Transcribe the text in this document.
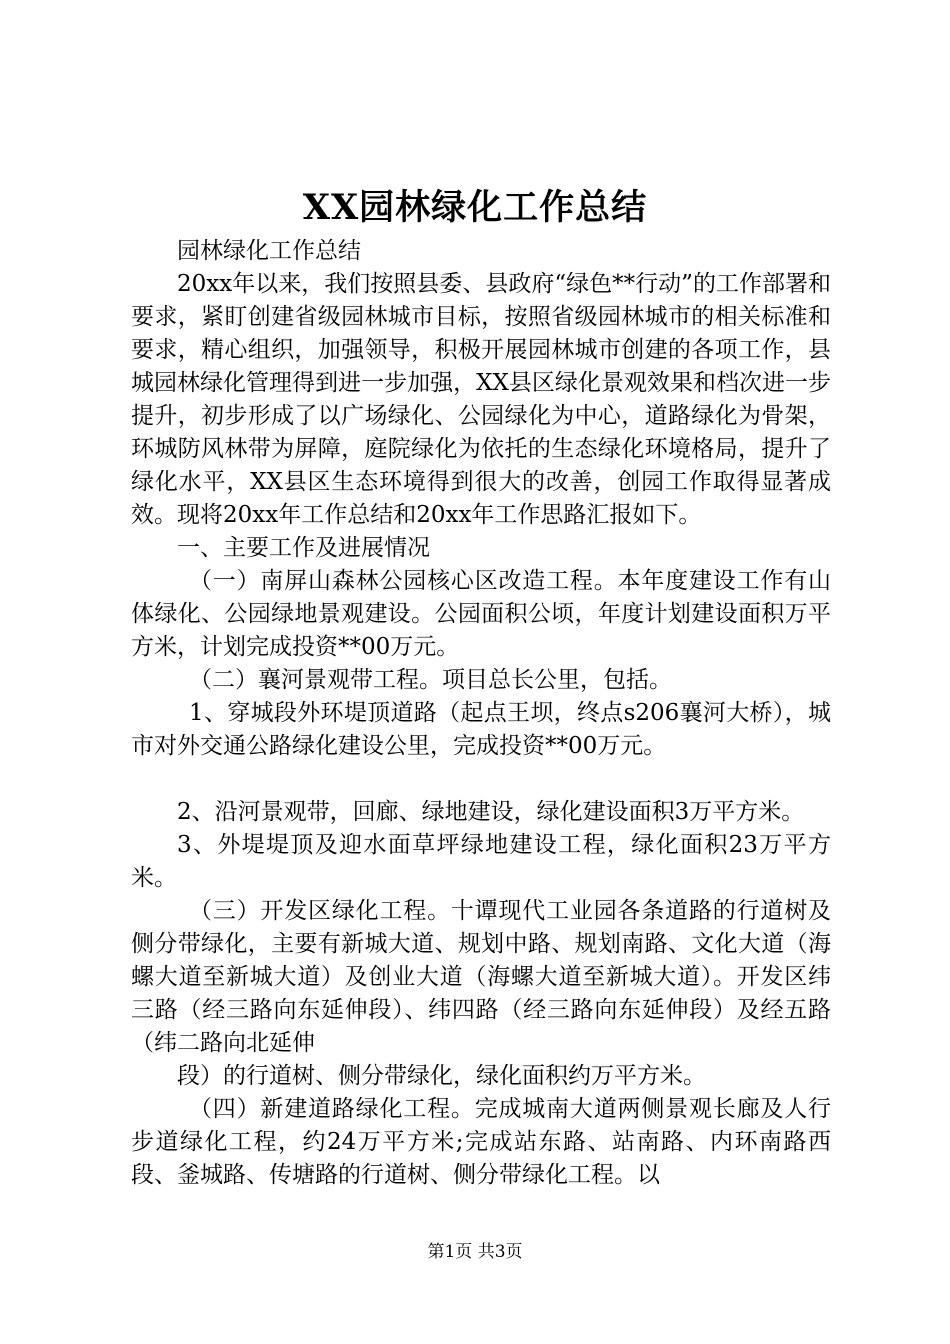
XX园林绿化工作总结

园林绿化工作总结

20xx年以来，我们按照县委、县政府“绿色**行动”的工作部署和要求，紧盯创建省级园林城市目标，按照省级园林城市的相关标准和要求，精心组织，加强领导，积极开展园林城市创建的各项工作，县城园林绿化管理得到进一步加强，XX县区绿化景观效果和档次进一步提升，初步形成了以广场绿化、公园绿化为中心，道路绿化为骨架，环城防风林带为屏障，庭院绿化为依托的生态绿化环境格局，提升了绿化水平，XX县区生态环境得到很大的改善，创园工作取得显著成效。现将20xx年工作总结和20xx年工作思路汇报如下。

一、主要工作及进展情况

（一）南屏山森林公园核心区改造工程。本年度建设工作有山体绿化、公园绿地景观建设。公园面积公顷，年度计划建设面积万平方米，计划完成投资**00万元。

（二）襄河景观带工程。项目总长公里，包括。

1、穿城段外环堤顶道路（起点王坝，终点s206襄河大桥），城市对外交通公路绿化建设公里，完成投资**00万元。

2、沿河景观带，回廊、绿地建设，绿化建设面积3万平方米。

3、外堤堤顶及迎水面草坪绿地建设工程，绿化面积23万平方米。

（三）开发区绿化工程。十谭现代工业园各条道路的行道树及侧分带绿化，主要有新城大道、规划中路、规划南路、文化大道（海螺大道至新城大道）及创业大道（海螺大道至新城大道）。开发区纬三路（经三路向东延伸段）、纬四路（经三路向东延伸段）及经五路（纬二路向北延伸

段）的行道树、侧分带绿化，绿化面积约万平方米。

（四）新建道路绿化工程。完成城南大道两侧景观长廊及人行步道绿化工程，约24万平方米;完成站东路、站南路、内环南路西段、釜城路、传塘路的行道树、侧分带绿化工程。以

第1页 共3页
